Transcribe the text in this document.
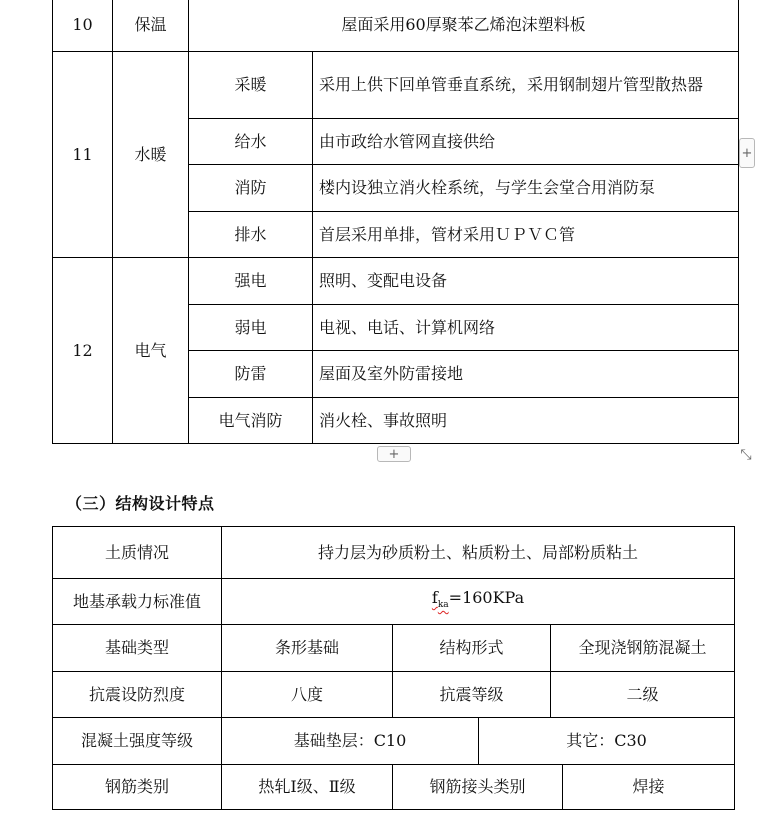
10	保温	屋面采用60厚聚苯乙烯泡沫塑料板	
11	水暖	采暖	采用上供下回单管垂直系统，采用钢制翅片管型散热器
		给水	由市政给水管网直接供给
		消防	楼内设独立消火栓系统，与学生会堂合用消防泵
		排水	首层采用单排，管材采用ＵＰＶＣ管
12	电气	强电	照明、变配电设备
		弱电	电视、电话、计算机网络
		防雷	屋面及室外防雷接地
		电气消防	消火栓、事故照明
+
+	⤡
（三）结构设计特点
土质情况	持力层为砂质粉土、粘质粉土、局部粉质粘土				
地基承载力标准值	$f_{ka}=160KPa$				
基础类型	条形基础	结构形式		全现浇钢筋混凝土	
抗震设防烈度	八度	抗震等级		二级	
混凝土强度等级	基础垫层：C10		其它：C30		
钢筋类别	热轧Ⅰ级、Ⅱ级	钢筋接头类别			焊接
